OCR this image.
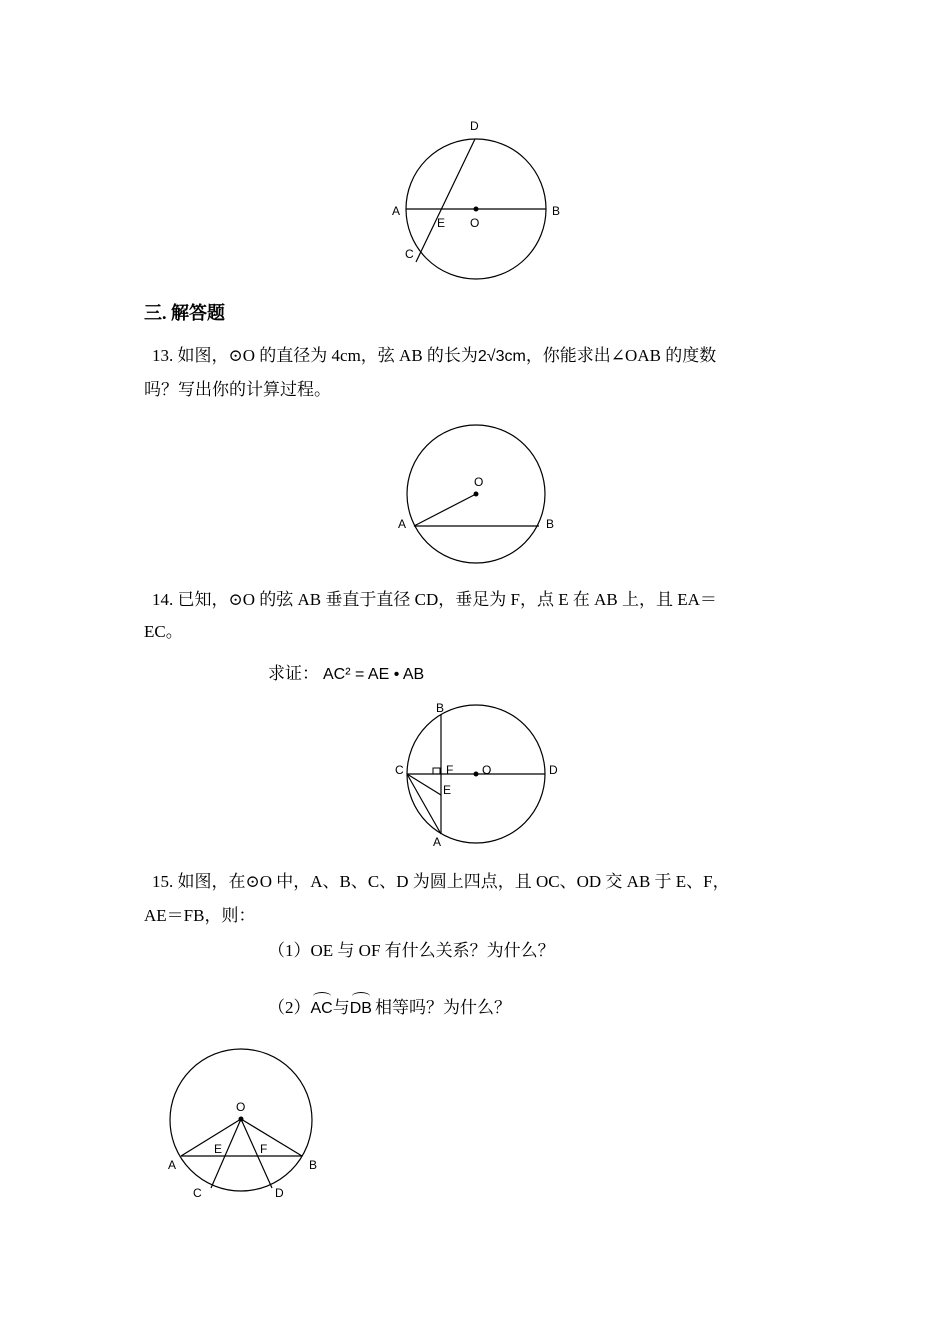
D
A
E O
B
C
三. 解答题
13. 如图，⊙O 的直径为 4cm，弦 AB 的长为2√3cm，你能求出∠OAB 的度数
吗？写出你的计算过程。
O
A	B
14. 已知，⊙O 的弦 AB 垂直于直径 CD，垂足为 F，点 E 在 AB 上，且 EA＝
EC。
求证： AC² = AE • AB
B
C	F O	D
E
A
15. 如图，在⊙O 中，A、B、C、D 为圆上四点，且 OC、OD 交 AB 于 E、F，
AE＝FB，则：
（1）OE 与 OF 有什么关系？为什么？
（2）AC与DB 相等吗？为什么？
O
A
E	F
B
C	D
